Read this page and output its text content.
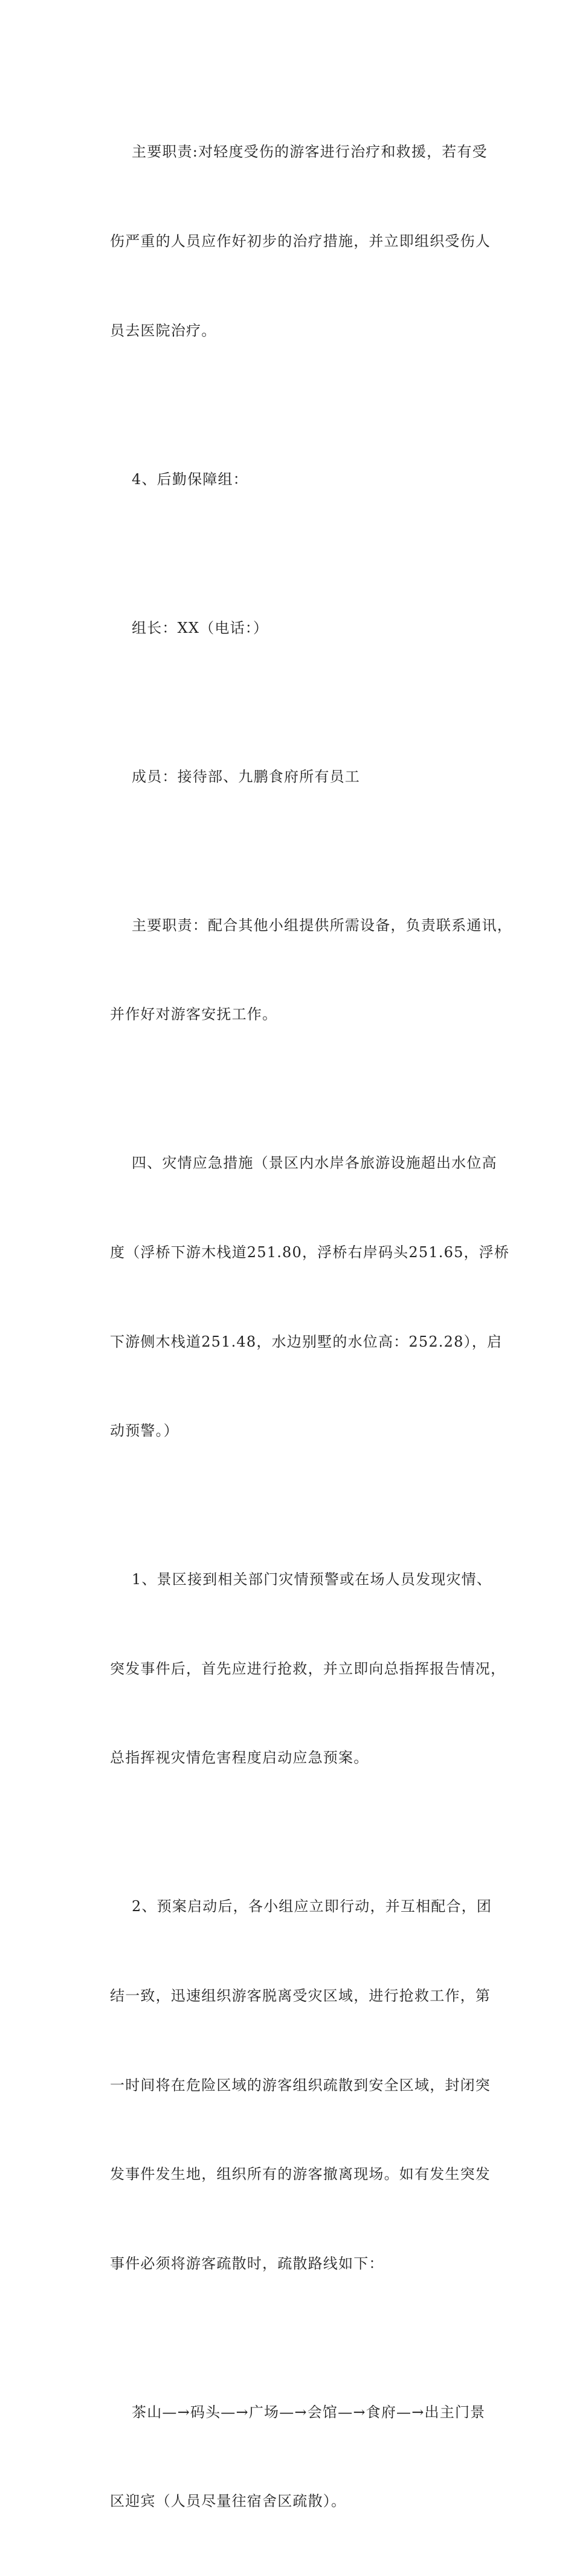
主要职责:对轻度受伤的游客进行治疗和救援，若有受

伤严重的人员应作好初步的治疗措施，并立即组织受伤人

员去医院治疗。

4、后勤保障组：

组长：XX（电话：）

成员：接待部、九鹏食府所有员工

主要职责：配合其他小组提供所需设备，负责联系通讯，

并作好对游客安抚工作。

四、灾情应急措施（景区内水岸各旅游设施超出水位高

度（浮桥下游木栈道251.80，浮桥右岸码头251.65，浮桥

下游侧木栈道251.48，水边别墅的水位高：252.28），启

动预警。）

1、景区接到相关部门灾情预警或在场人员发现灾情、

突发事件后，首先应进行抢救，并立即向总指挥报告情况，

总指挥视灾情危害程度启动应急预案。

2、预案启动后，各小组应立即行动，并互相配合，团

结一致，迅速组织游客脱离受灾区域，进行抢救工作，第

一时间将在危险区域的游客组织疏散到安全区域，封闭突

发事件发生地，组织所有的游客撤离现场。如有发生突发

事件必须将游客疏散时，疏散路线如下：

茶山—→码头—→广场—→会馆—→食府—→出主门景

区迎宾（人员尽量往宿舍区疏散）。
